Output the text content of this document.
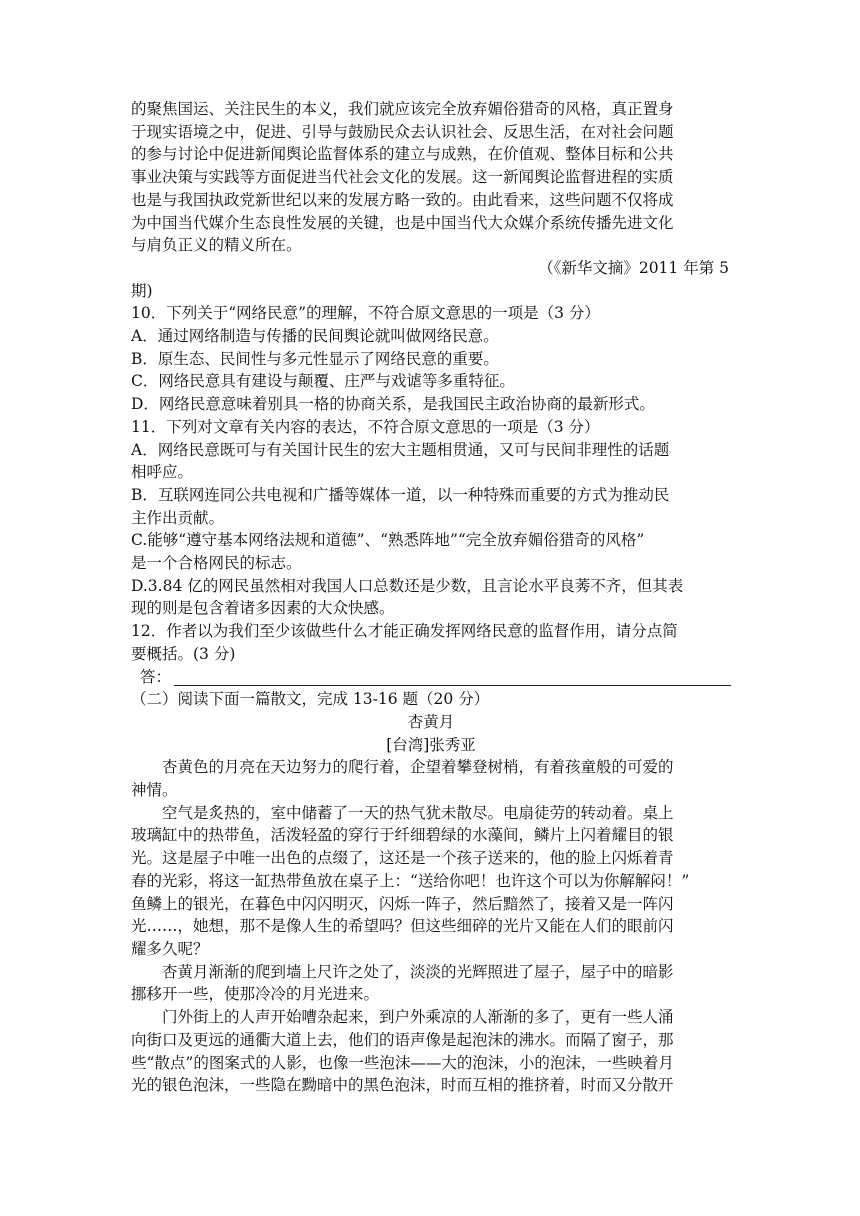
的聚焦国运、关注民生的本义，我们就应该完全放弃媚俗猎奇的风格，真正置身
于现实语境之中，促进、引导与鼓励民众去认识社会、反思生活，在对社会问题
的参与讨论中促进新闻舆论监督体系的建立与成熟，在价值观、整体目标和公共
事业决策与实践等方面促进当代社会文化的发展。这一新闻舆论监督进程的实质
也是与我国执政党新世纪以来的发展方略一致的。由此看来，这些问题不仅将成
为中国当代媒介生态良性发展的关键，也是中国当代大众媒介系统传播先进文化
与肩负正义的精义所在。
（《新华文摘》2011 年第 5
期)
10．下列关于“网络民意”的理解，不符合原文意思的一项是（3 分）
A．通过网络制造与传播的民间舆论就叫做网络民意。
B．原生态、民间性与多元性显示了网络民意的重要。
C．网络民意具有建设与颠覆、庄严与戏谑等多重特征。
D．网络民意意味着别具一格的协商关系，是我国民主政治协商的最新形式。
11．下列对文章有关内容的表达，不符合原文意思的一项是（3 分）
A．网络民意既可与有关国计民生的宏大主题相贯通，又可与民间非理性的话题
相呼应。
B．互联网连同公共电视和广播等媒体一道，以一种特殊而重要的方式为推动民
主作出贡献。
C.能够“遵守基本网络法规和道德”、“熟悉阵地”“完全放弃媚俗猎奇的风格”
是一个合格网民的标志。
D.3.84 亿的网民虽然相对我国人口总数还是少数，且言论水平良莠不齐，但其表
现的则是包含着诸多因素的大众快感。
12．作者以为我们至少该做些什么才能正确发挥网络民意的监督作用，请分点简
要概括。(3 分)
答：
（二）阅读下面一篇散文，完成 13-16 题（20 分）
杏黄月
[台湾]张秀亚
杏黄色的月亮在天边努力的爬行着，企望着攀登树梢，有着孩童般的可爱的
神情。
空气是炙热的，室中储蓄了一天的热气犹未散尽。电扇徒劳的转动着。桌上
玻璃缸中的热带鱼，活泼轻盈的穿行于纤细碧绿的水藻间，鳞片上闪着耀目的银
光。这是屋子中唯一出色的点缀了，这还是一个孩子送来的，他的脸上闪烁着青
春的光彩，将这一缸热带鱼放在桌子上：“送给你吧！也许这个可以为你解解闷！”
鱼鳞上的银光，在暮色中闪闪明灭，闪烁一阵子，然后黯然了，接着又是一阵闪
光……，她想，那不是像人生的希望吗？但这些细碎的光片又能在人们的眼前闪
耀多久呢？
杏黄月渐渐的爬到墙上尺许之处了，淡淡的光辉照进了屋子，屋子中的暗影
挪移开一些，使那冷冷的月光进来。
门外街上的人声开始嘈杂起来，到户外乘凉的人渐渐的多了，更有一些人涌
向街口及更远的通衢大道上去，他们的语声像是起泡沫的沸水。而隔了窗子，那
些“散点”的图案式的人影，也像一些泡沫——大的泡沫，小的泡沫，一些映着月
光的银色泡沫，一些隐在黝暗中的黑色泡沫，时而互相的推挤着，时而又分散开
